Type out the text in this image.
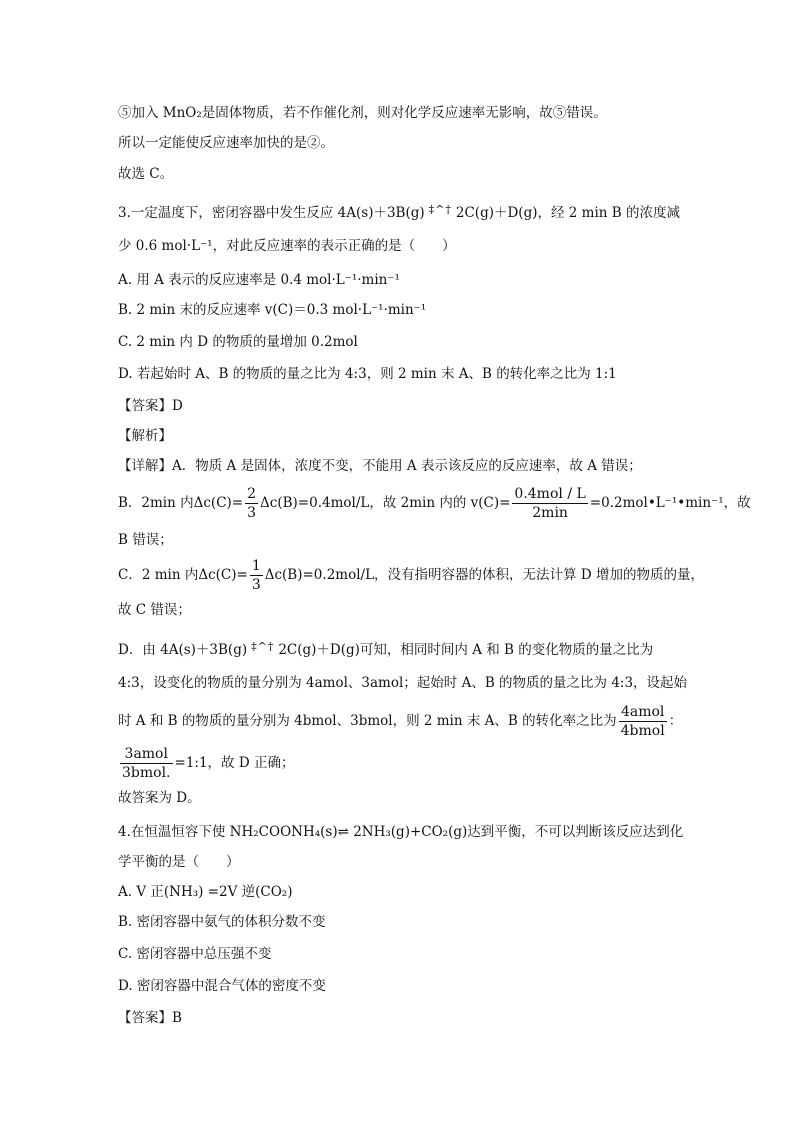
⑤加入 MnO₂是固体物质，若不作催化剂，则对化学反应速率无影响，故⑤错误。
所以一定能使反应速率加快的是②。
故选 C。
3.一定温度下，密闭容器中发生反应 4A(s)＋3B(g) ‡^† 2C(g)＋D(g)，经 2 min B 的浓度减
少 0.6 mol·L⁻¹，对此反应速率的表示正确的是（　　）
A. 用 A 表示的反应速率是 0.4 mol·L⁻¹·min⁻¹
B. 2 min 末的反应速率 v(C)＝0.3 mol·L⁻¹·min⁻¹
C. 2 min 内 D 的物质的量增加 0.2mol
D. 若起始时 A、B 的物质的量之比为 4:3，则 2 min 末 A、B 的转化率之比为 1:1
【答案】D
【解析】
【详解】A．物质 A 是固体，浓度不变，不能用 A 表示该反应的反应速率，故 A 错误；
B．2min 内$\Delta c(C)= \frac{2}{3} \Delta c(B)=0.4mol/L$，故 2min 内的 $v(C)= \frac{\text{0.4mol / L}}{2\min}$ =0.2mol•L⁻¹•min⁻¹，故
B 错误；
C．2 min 内$\Delta c(C)= \frac{1}{3} \Delta c(B)=0.2mol/L$，没有指明容器的体积，无法计算 D 增加的物质的量，
故 C 错误；
D．由 4A(s)＋3B(g) ‡^† 2C(g)＋D(g)可知，相同时间内 A 和 B 的变化物质的量之比为
4:3，设变化的物质的量分别为 4amol、3amol；起始时 A、B 的物质的量之比为 4:3，设起始
时 A 和 B 的物质的量分别为 4bmol、3bmol，则 2 min 末 A、B 的转化率之比为 $\frac{\text{4amol}}{\text{4bmol}}$ ：
$\frac{\text{3amol}}{\text{3bmol.}}$ =1:1，故 D 正确；
故答案为 D。
4.在恒温恒容下使 NH₂COONH₄(s)⇌ 2NH₃(g)+CO₂(g)达到平衡，不可以判断该反应达到化
学平衡的是（　　）
A. V 正(NH₃) =2V 逆(CO₂)
B. 密闭容器中氨气的体积分数不变
C. 密闭容器中总压强不变
D. 密闭容器中混合气体的密度不变
【答案】B
